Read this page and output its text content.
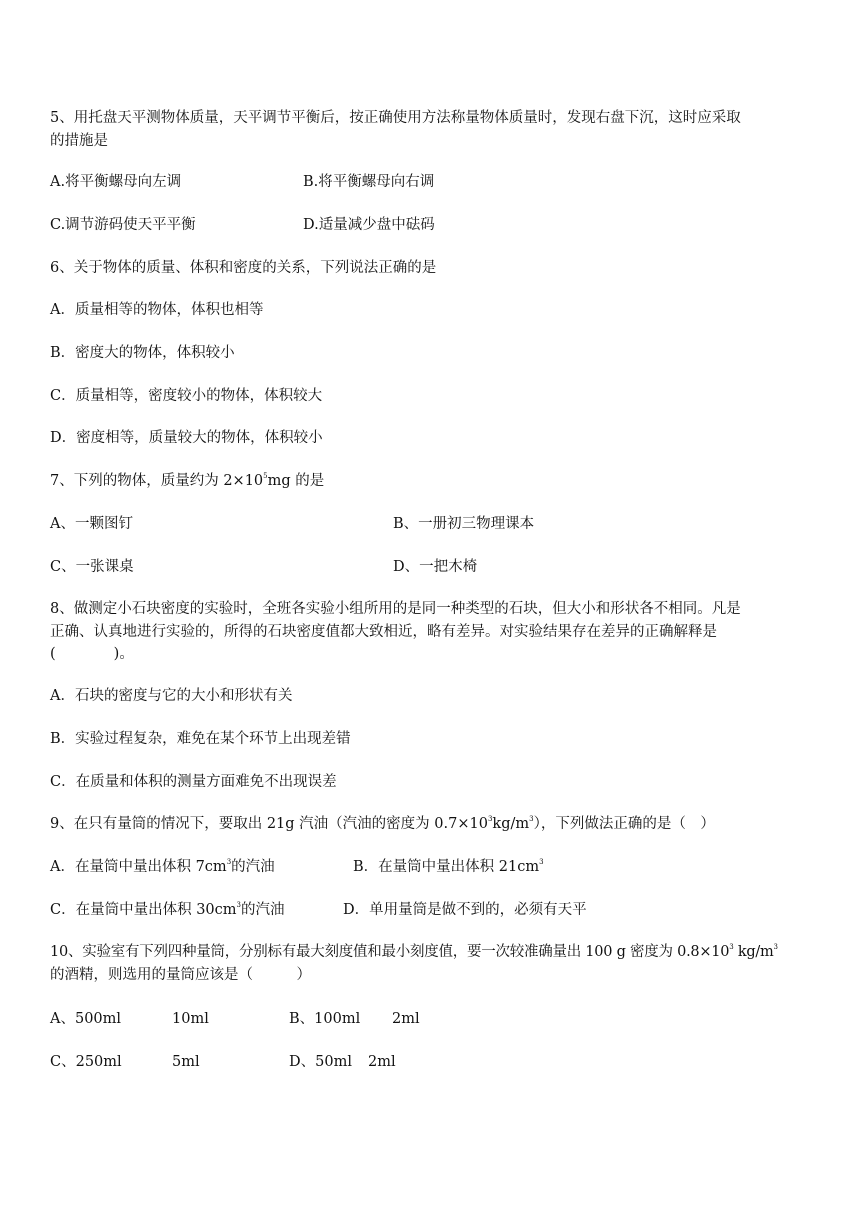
5、用托盘天平测物体质量，天平调节平衡后，按正确使用方法称量物体质量时，发现右盘下沉，这时应采取
的措施是
A.将平衡螺母向左调	B.将平衡螺母向右调
C.调节游码使天平平衡	D.适量减少盘中砝码
6、关于物体的质量、体积和密度的关系，下列说法正确的是
A．质量相等的物体，体积也相等
B．密度大的物体，体积较小
C．质量相等，密度较小的物体，体积较大
D．密度相等，质量较大的物体，体积较小
7、下列的物体，质量约为 $2\times 10^5mg$ 的是
A、一颗图钉	B、一册初三物理课本
C、一张课桌	D、一把木椅
8、做测定小石块密度的实验时，全班各实验小组所用的是同一种类型的石块，但大小和形状各不相同。凡是
正确、认真地进行实验的，所得的石块密度值都大致相近，略有差异。对实验结果存在差异的正确解释是
(　　　　)。
A．石块的密度与它的大小和形状有关
B．实验过程复杂，难免在某个环节上出现差错
C．在质量和体积的测量方面难免不出现误差
9、在只有量筒的情况下，要取出 21g 汽油（汽油的密度为 $0.7\times 10^3kg/m^3$），下列做法正确的是（　）
A．在量筒中量出体积 $7cm^3$的汽油	B．在量筒中量出体积 $21cm^3$
C．在量筒中量出体积 $30cm^3$的汽油	D．单用量筒是做不到的，必须有天平
10、实验室有下列四种量筒，分别标有最大刻度值和最小刻度值，要一次较准确量出 100 g 密度为 $0.8\times 10^3$ $kg/m^3$
的酒精，则选用的量筒应该是（　　　）
A、500ml	10ml	B、100ml 2ml
C、250ml	5ml	D、50ml 2ml
